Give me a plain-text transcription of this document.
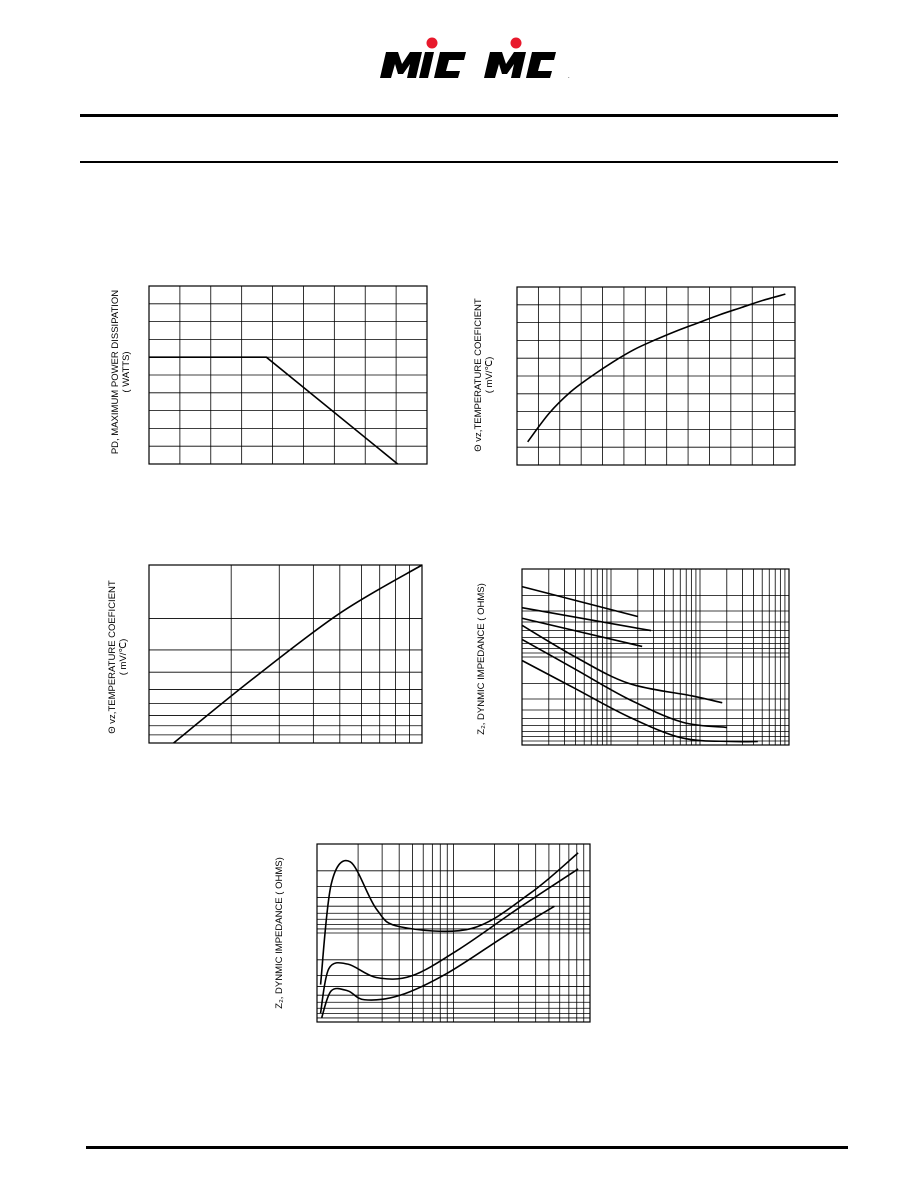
.
PD, MAXIMUM POWER DISSIPATION ( WATTS)	Θ vz,TEMPERATURE COEFICIENT ( mV/℃)
Θ vz,TEMPERATURE COEFICIENT ( mV/℃)	Z₂, DYNMIC IMPEDANCE ( OHMS)
Z₂, DYNMIC IMPEDANCE ( OHMS)
